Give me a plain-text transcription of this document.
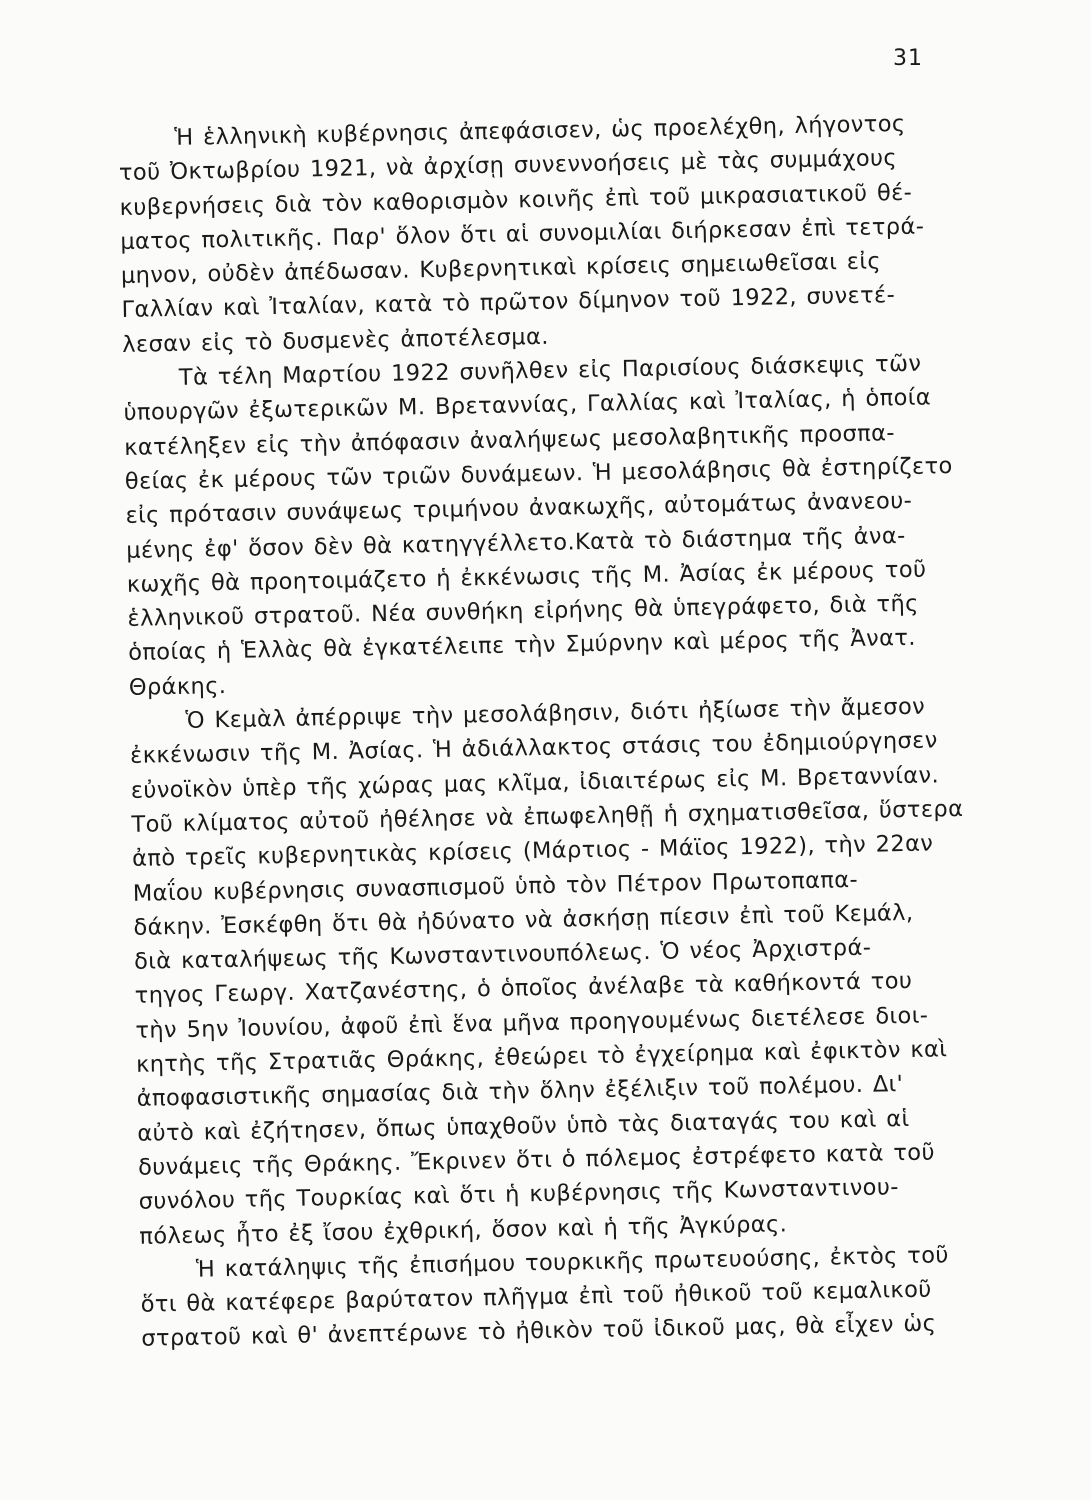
31
Ἡ ἑλληνικὴ κυβέρνησις ἀπεφάσισεν, ὡς προελέχθη, λήγοντος
τοῦ Ὀκτωβρίου 1921, νὰ ἀρχίσῃ συνεννοήσεις μὲ τὰς συμμάχους
κυβερνήσεις διὰ τὸν καθορισμὸν κοινῆς ἐπὶ τοῦ μικρασιατικοῦ θέ-
ματος πολιτικῆς. Παρ' ὅλον ὅτι αἱ συνομιλίαι διήρκεσαν ἐπὶ τετρά-
μηνον, οὐδὲν ἀπέδωσαν. Κυβερνητικαὶ κρίσεις σημειωθεῖσαι εἰς
Γαλλίαν καὶ Ἰταλίαν, κατὰ τὸ πρῶτον δίμηνον τοῦ 1922, συνετέ-
λεσαν εἰς τὸ δυσμενὲς ἀποτέλεσμα.
Τὰ τέλη Μαρτίου 1922 συνῆλθεν εἰς Παρισίους διάσκεψις τῶν
ὑπουργῶν ἐξωτερικῶν Μ. Βρεταννίας, Γαλλίας καὶ Ἰταλίας, ἡ ὁποία
κατέληξεν εἰς τὴν ἀπόφασιν ἀναλήψεως μεσολαβητικῆς προσπα-
θείας ἐκ μέρους τῶν τριῶν δυνάμεων. Ἡ μεσολάβησις θὰ ἐστηρίζετο
εἰς πρότασιν συνάψεως τριμήνου ἀνακωχῆς, αὐτομάτως ἀνανεου-
μένης ἐφ' ὅσον δὲν θὰ κατηγγέλλετο.Κατὰ τὸ διάστημα τῆς ἀνα-
κωχῆς θὰ προητοιμάζετο ἡ ἐκκένωσις τῆς Μ. Ἀσίας ἐκ μέρους τοῦ
ἑλληνικοῦ στρατοῦ. Νέα συνθήκη εἰρήνης θὰ ὑπεγράφετο, διὰ τῆς
ὁποίας ἡ Ἑλλὰς θὰ ἐγκατέλειπε τὴν Σμύρνην καὶ μέρος τῆς Ἀνατ.
Θράκης.
Ὁ Κεμὰλ ἀπέρριψε τὴν μεσολάβησιν, διότι ἠξίωσε τὴν ἄμεσον
ἐκκένωσιν τῆς Μ. Ἀσίας. Ἡ ἀδιάλλακτος στάσις του ἐδημιούργησεν
εὐνοϊκὸν ὑπὲρ τῆς χώρας μας κλῖμα, ἰδιαιτέρως εἰς Μ. Βρεταννίαν.
Τοῦ κλίματος αὐτοῦ ἠθέλησε νὰ ἐπωφεληθῇ ἡ σχηματισθεῖσα, ὕστερα
ἀπὸ τρεῖς κυβερνητικὰς κρίσεις (Μάρτιος - Μάϊος 1922), τὴν 22αν
Μαΐου κυβέρνησις συνασπισμοῦ ὑπὸ τὸν Πέτρον Πρωτοπαπα-
δάκην. Ἐσκέφθη ὅτι θὰ ἠδύνατο νὰ ἀσκήσῃ πίεσιν ἐπὶ τοῦ Κεμάλ,
διὰ καταλήψεως τῆς Κωνσταντινουπόλεως. Ὁ νέος Ἀρχιστρά-
τηγος Γεωργ. Χατζανέστης, ὁ ὁποῖος ἀνέλαβε τὰ καθήκοντά του
τὴν 5ην Ἰουνίου, ἀφοῦ ἐπὶ ἕνα μῆνα προηγουμένως διετέλεσε διοι-
κητὴς τῆς Στρατιᾶς Θράκης, ἐθεώρει τὸ ἐγχείρημα καὶ ἐφικτὸν καὶ
ἀποφασιστικῆς σημασίας διὰ τὴν ὅλην ἐξέλιξιν τοῦ πολέμου. Δι'
αὐτὸ καὶ ἐζήτησεν, ὅπως ὑπαχθοῦν ὑπὸ τὰς διαταγάς του καὶ αἱ
δυνάμεις τῆς Θράκης. Ἔκρινεν ὅτι ὁ πόλεμος ἐστρέφετο κατὰ τοῦ
συνόλου τῆς Τουρκίας καὶ ὅτι ἡ κυβέρνησις τῆς Κωνσταντινου-
πόλεως ἦτο ἐξ ἴσου ἐχθρική, ὅσον καὶ ἡ τῆς Ἀγκύρας.
Ἡ κατάληψις τῆς ἐπισήμου τουρκικῆς πρωτευούσης, ἐκτὸς τοῦ
ὅτι θὰ κατέφερε βαρύτατον πλῆγμα ἐπὶ τοῦ ἠθικοῦ τοῦ κεμαλικοῦ
στρατοῦ καὶ θ' ἀνεπτέρωνε τὸ ἠθικὸν τοῦ ἰδικοῦ μας, θὰ εἶχεν ὡς
